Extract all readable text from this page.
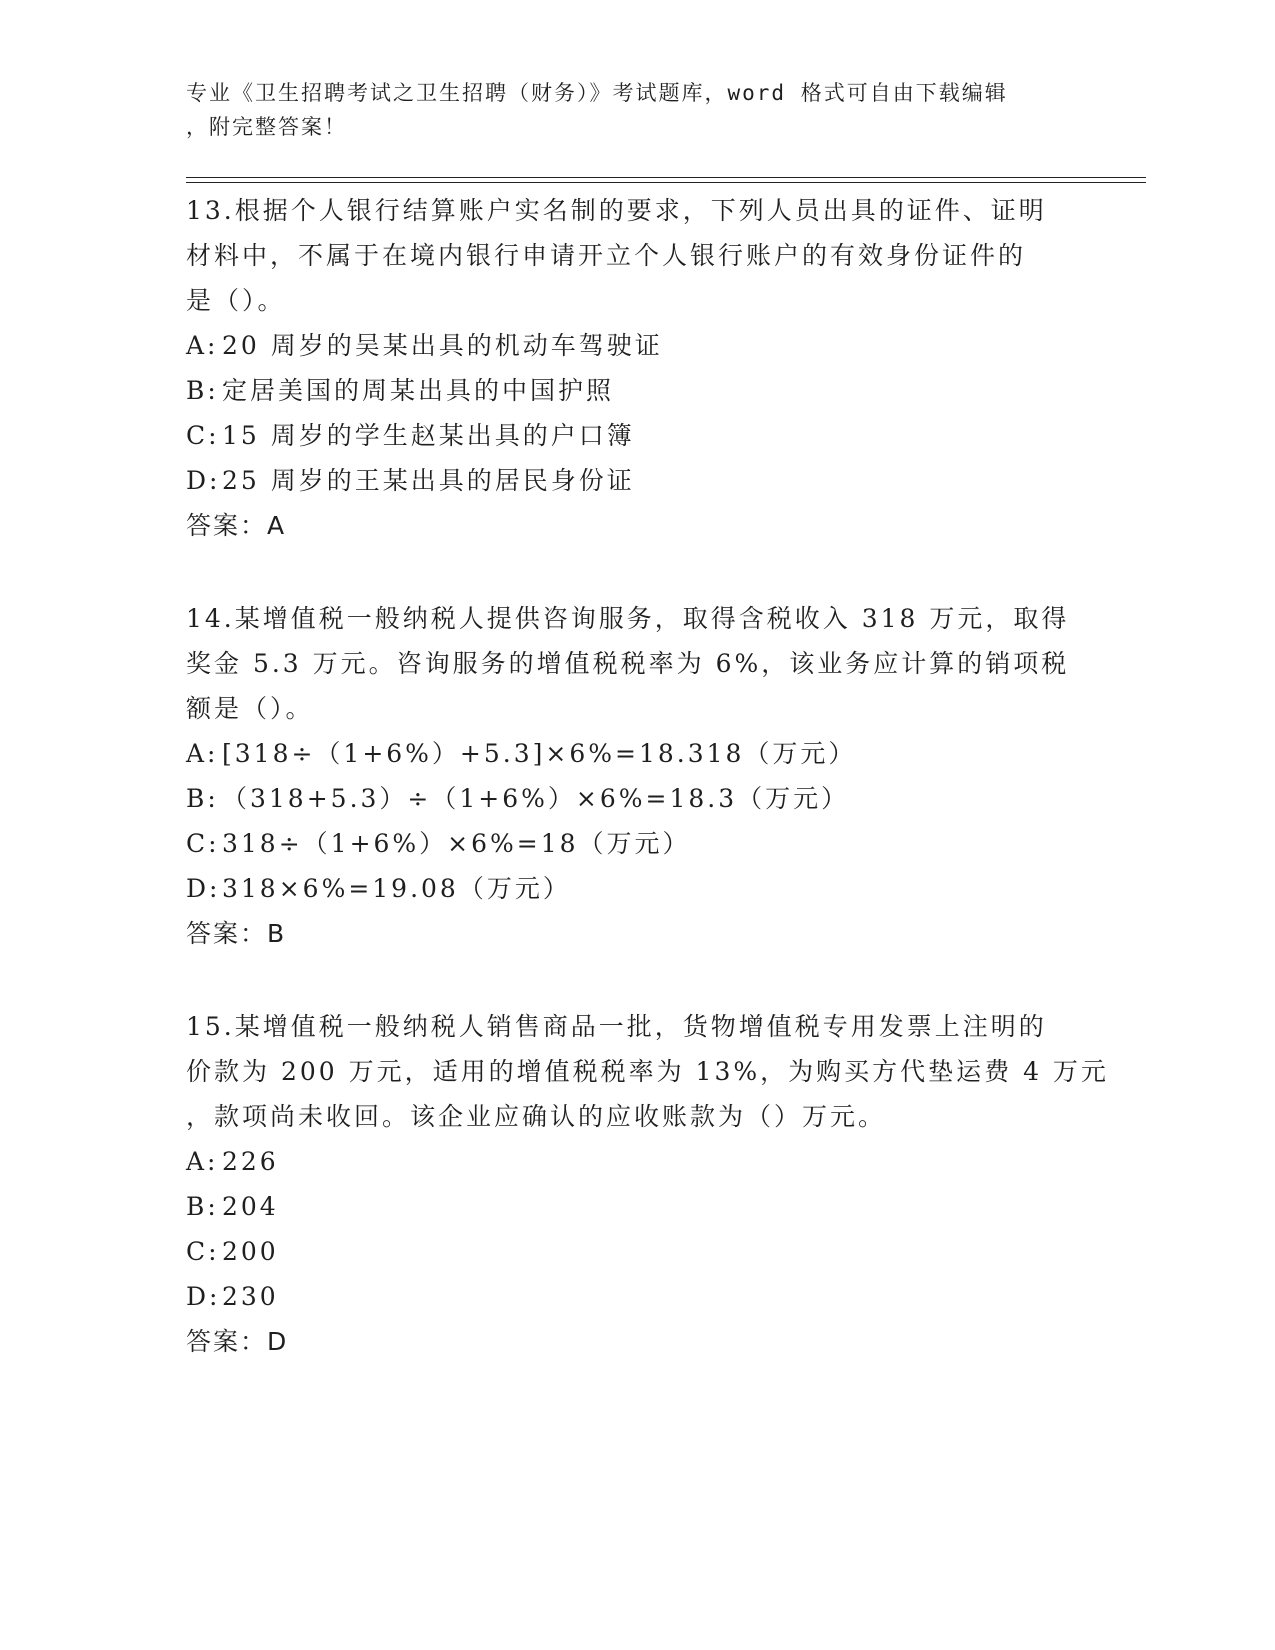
专业《卫生招聘考试之卫生招聘（财务）》考试题库，word 格式可自由下载编辑
，附完整答案！
13.根据个人银行结算账户实名制的要求，下列人员出具的证件、证明
材料中，不属于在境内银行申请开立个人银行账户的有效身份证件的
是（）。
A: 20 周岁的吴某出具的机动车驾驶证
B: 定居美国的周某出具的中国护照
C:15 周岁的学生赵某出具的户口簿
D:25 周岁的王某出具的居民身份证
答案：A
14.某增值税一般纳税人提供咨询服务，取得含税收入 318 万元，取得
奖金 5.3 万元。咨询服务的增值税税率为 6%，该业务应计算的销项税
额是（）。
A: [318÷（1+6%）+5.3]×6%=18.318（万元）
B: （318+5.3）÷（1+6%）×6%=18.3（万元）
C:318÷（1+6%）×6%=18（万元）
D:318×6%=19.08（万元）
答案：B
15.某增值税一般纳税人销售商品一批，货物增值税专用发票上注明的
价款为 200 万元，适用的增值税税率为 13%，为购买方代垫运费 4 万元
，款项尚未收回。该企业应确认的应收账款为（）万元。
A: 226
B: 204
C:200
D:230
答案：D
